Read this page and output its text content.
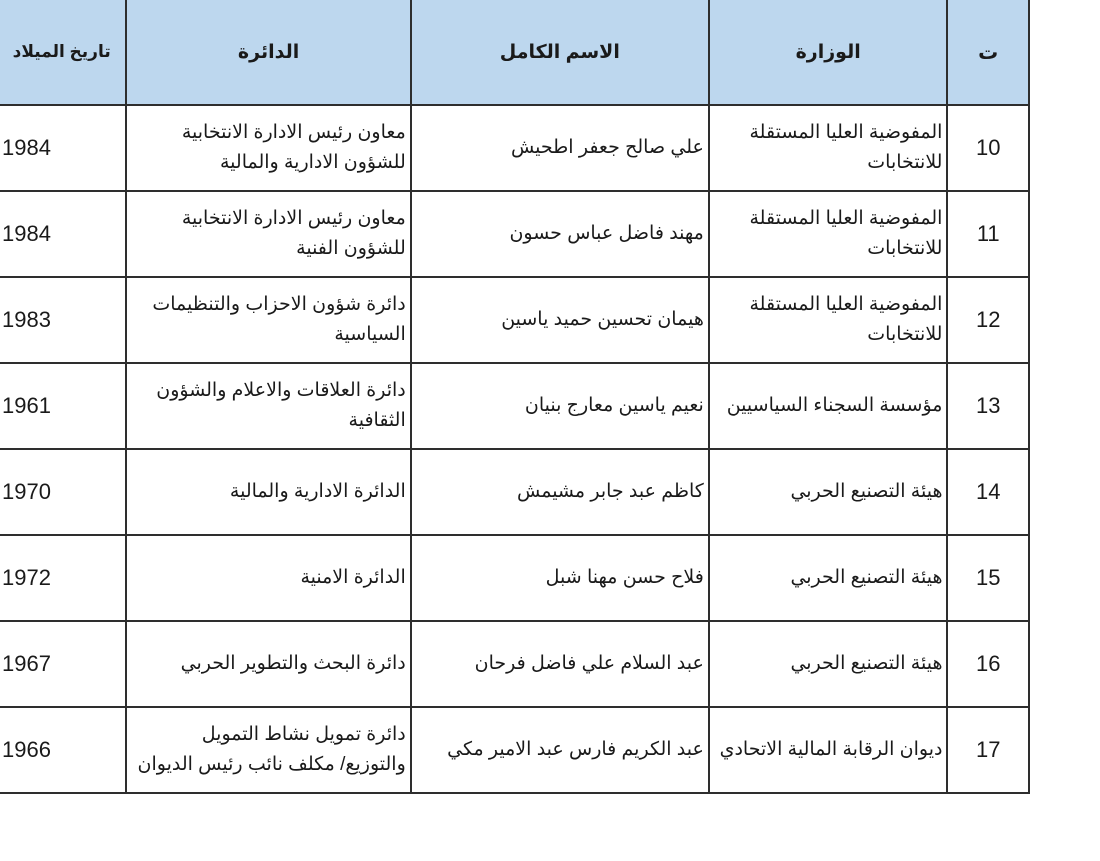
ت	الوزارة	الاسم الكامل	الدائرة	تاريخ الميلاد
10	المفوضية العليا المستقلة للانتخابات	علي صالح جعفر اطحيش	معاون رئيس الادارة الانتخابية للشؤون الادارية والمالية	1984
11	المفوضية العليا المستقلة للانتخابات	مهند فاضل عباس حسون	معاون رئيس الادارة الانتخابية للشؤون الفنية	1984
12	المفوضية العليا المستقلة للانتخابات	هيمان تحسين حميد ياسين	دائرة شؤون الاحزاب والتنظيمات السياسية	1983
13	مؤسسة السجناء السياسيين	نعيم ياسين معارج بنيان	دائرة العلاقات والاعلام والشؤون الثقافية	1961
14	هيئة التصنيع الحربي	كاظم عبد جابر مشيمش	الدائرة الادارية والمالية	1970
15	هيئة التصنيع الحربي	فلاح حسن مهنا شبل	الدائرة الامنية	1972
16	هيئة التصنيع الحربي	عبد السلام علي فاضل فرحان	دائرة البحث والتطوير الحربي	1967
17	ديوان الرقابة المالية الاتحادي	عبد الكريم فارس عبد الامير مكي	دائرة تمويل نشاط التمويل والتوزيع/ مكلف نائب رئيس الديوان	1966
